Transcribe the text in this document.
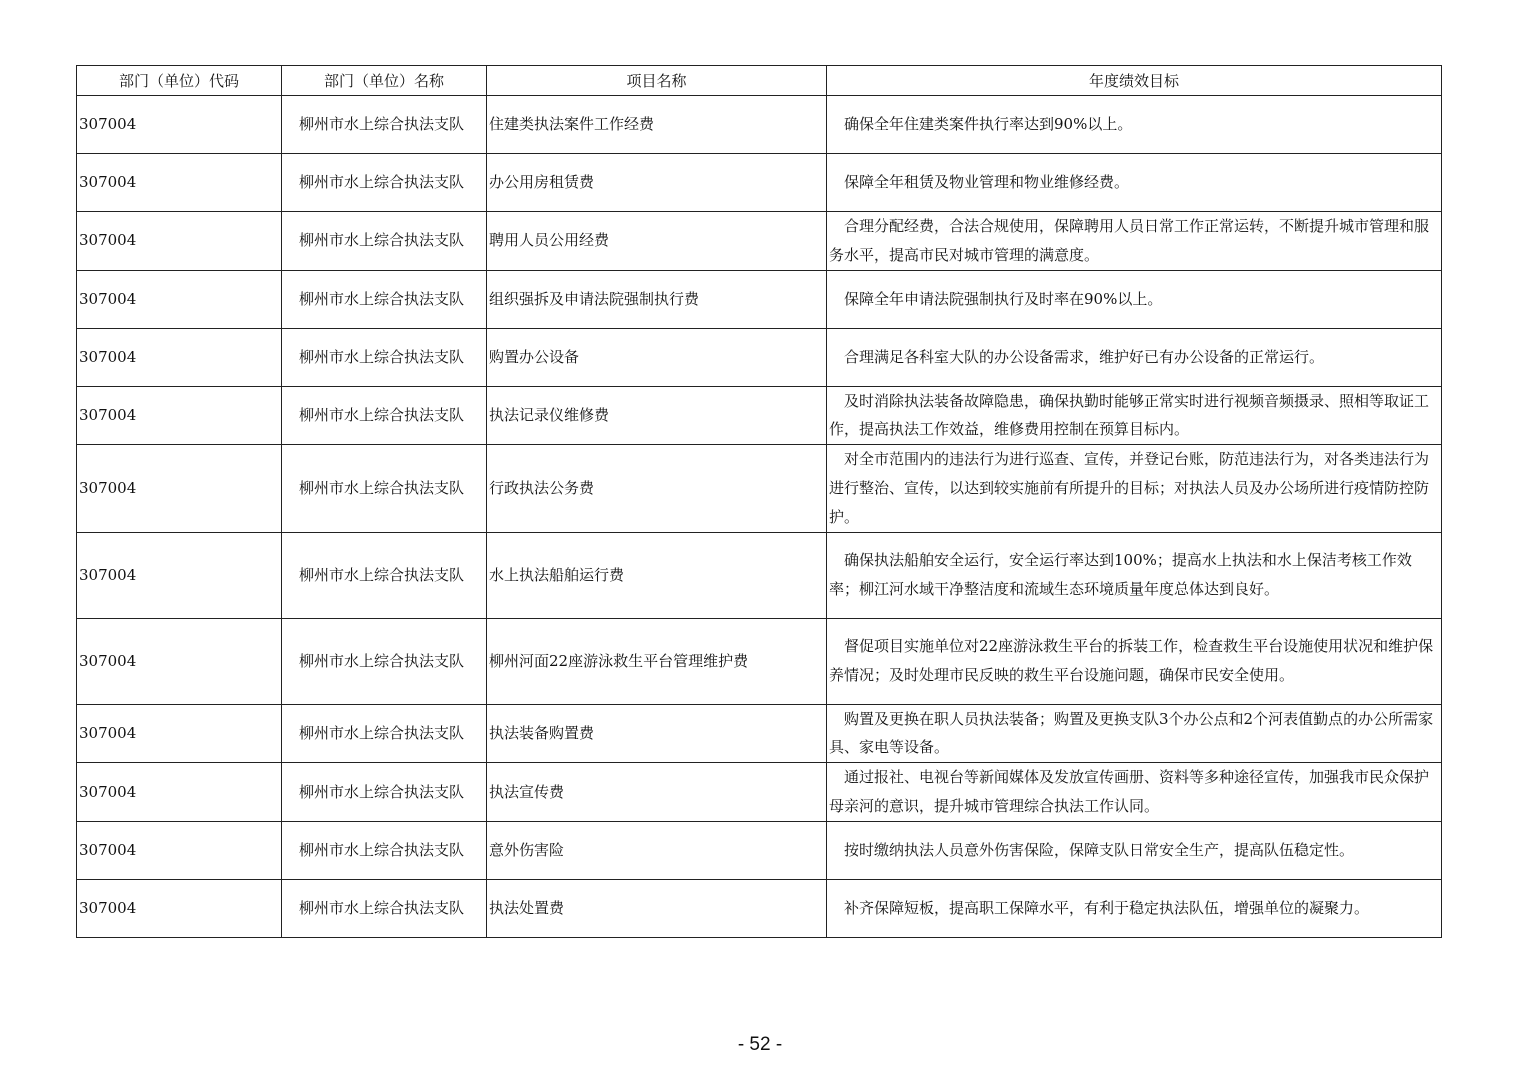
部门（单位）代码	部门（单位）名称	项目名称	年度绩效目标
307004	　柳州市水上综合执法支队	住建类执法案件工作经费	　确保全年住建类案件执行率达到90%以上。
307004	　柳州市水上综合执法支队	办公用房租赁费	　保障全年租赁及物业管理和物业维修经费。
307004	　柳州市水上综合执法支队	聘用人员公用经费	　合理分配经费，合法合规使用，保障聘用人员日常工作正常运转，不断提升城市管理和服务水平，提高市民对城市管理的满意度。
307004	　柳州市水上综合执法支队	组织强拆及申请法院强制执行费	　保障全年申请法院强制执行及时率在90%以上。
307004	　柳州市水上综合执法支队	购置办公设备	　合理满足各科室大队的办公设备需求，维护好已有办公设备的正常运行。
307004	　柳州市水上综合执法支队	执法记录仪维修费	　及时消除执法装备故障隐患，确保执勤时能够正常实时进行视频音频摄录、照相等取证工作，提高执法工作效益，维修费用控制在预算目标内。
307004	　柳州市水上综合执法支队	行政执法公务费	　对全市范围内的违法行为进行巡查、宣传，并登记台账，防范违法行为，对各类违法行为进行整治、宣传，以达到较实施前有所提升的目标；对执法人员及办公场所进行疫情防控防护。
307004	　柳州市水上综合执法支队	水上执法船舶运行费	　确保执法船舶安全运行，安全运行率达到100%；提高水上执法和水上保洁考核工作效率；柳江河水域干净整洁度和流域生态环境质量年度总体达到良好。
307004	　柳州市水上综合执法支队	柳州河面22座游泳救生平台管理维护费	　督促项目实施单位对22座游泳救生平台的拆装工作，检查救生平台设施使用状况和维护保养情况；及时处理市民反映的救生平台设施问题，确保市民安全使用。
307004	　柳州市水上综合执法支队	执法装备购置费	　购置及更换在职人员执法装备；购置及更换支队3个办公点和2个河表值勤点的办公所需家具、家电等设备。
307004	　柳州市水上综合执法支队	执法宣传费	　通过报社、电视台等新闻媒体及发放宣传画册、资料等多种途径宣传，加强我市民众保护母亲河的意识，提升城市管理综合执法工作认同。
307004	　柳州市水上综合执法支队	意外伤害险	　按时缴纳执法人员意外伤害保险，保障支队日常安全生产，提高队伍稳定性。
307004	　柳州市水上综合执法支队	执法处置费	　补齐保障短板，提高职工保障水平，有利于稳定执法队伍，增强单位的凝聚力。
- 52 -
